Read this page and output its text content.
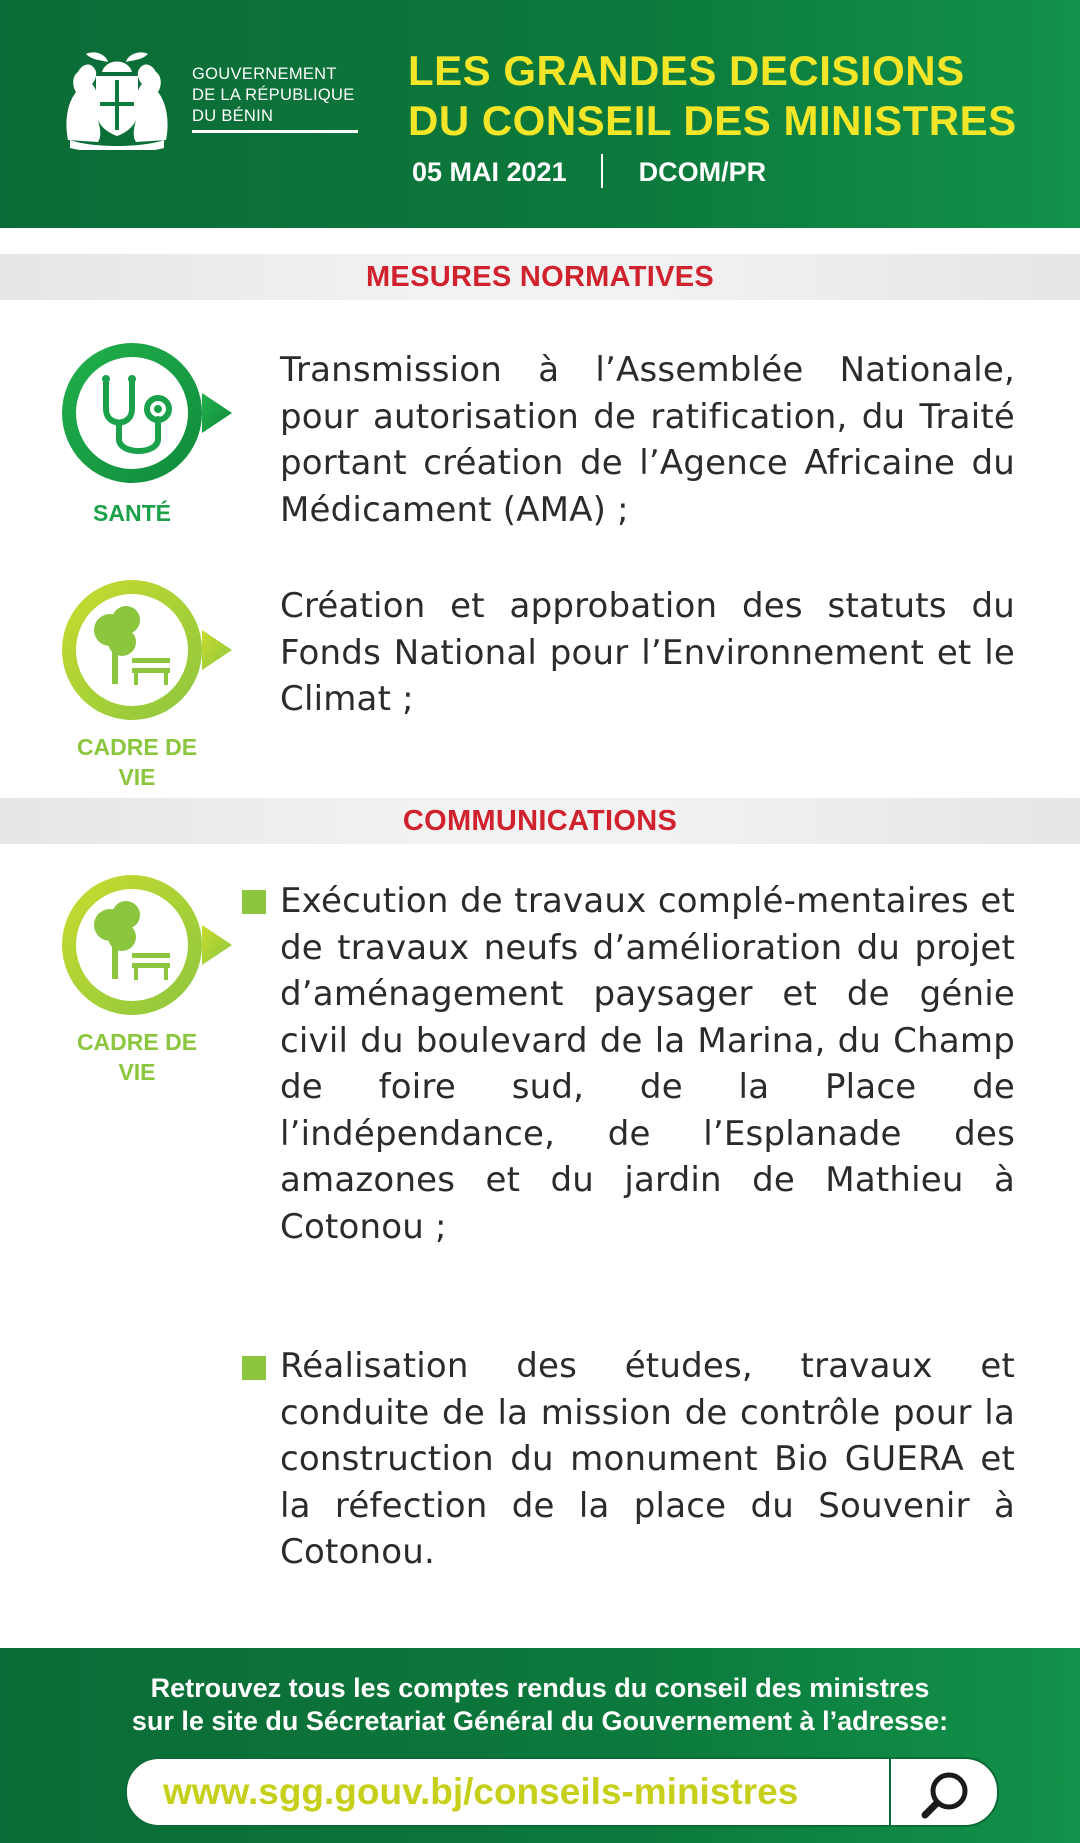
GOUVERNEMENT
DE LA RÉPUBLIQUE
DU BÉNIN
LES GRANDES DECISIONS
DU CONSEIL DES MINISTRES
05 MAI 2021	DCOM/PR
MESURES NORMATIVES
SANTÉ
Transmission à l’Assemblée Nationale, pour autorisation de ratification, du Traité portant création de l’Agence Africaine du Médicament (AMA) ;
CADRE DE
VIE
Création et approbation des statuts du Fonds National pour l’Environnement et le Climat ;
COMMUNICATIONS
CADRE DE
VIE
Exécution de travaux complé-mentaires et de travaux neufs d’amélioration du projet d’aménagement paysager et de génie civil du boulevard de la Marina, du Champ de foire sud, de la Place de l’indépendance, de l’Esplanade des amazones et du jardin de Mathieu à Cotonou ;
Réalisation des études, travaux et conduite de la mission de contrôle pour la construction du monument Bio GUERA et la réfection de la place du Souvenir à Cotonou.
Retrouvez tous les comptes rendus du conseil des ministres
sur le site du Sécretariat Général du Gouvernement à l’adresse:
www.sgg.gouv.bj/conseils-ministres
